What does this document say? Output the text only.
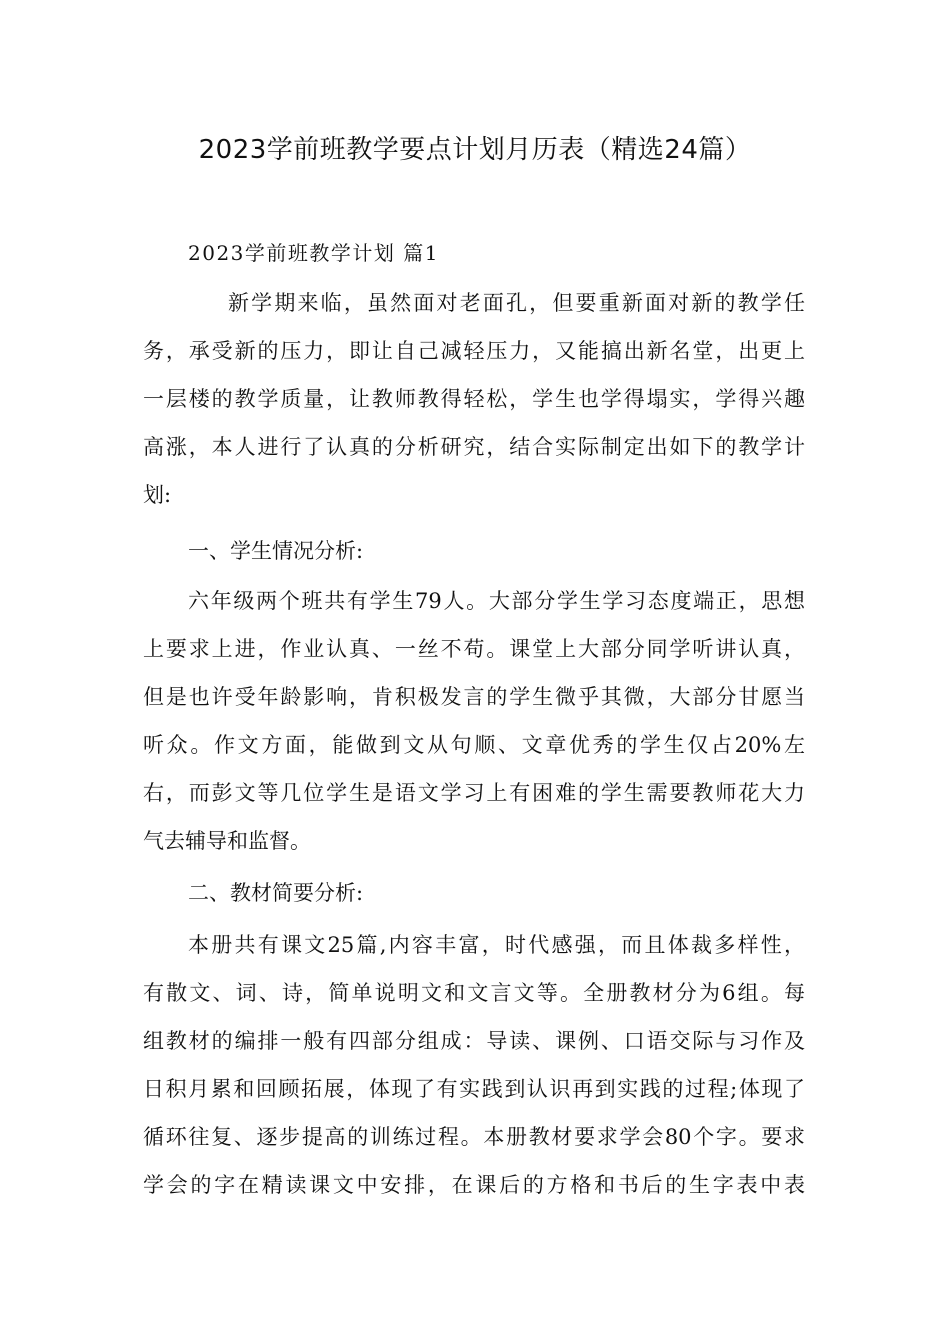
2023学前班教学要点计划月历表（精选24篇）
2023学前班教学计划 篇1
新学期来临，虽然面对老面孔，但要重新面对新的教学任
务，承受新的压力，即让自己减轻压力，又能搞出新名堂，出更上
一层楼的教学质量，让教师教得轻松，学生也学得塌实，学得兴趣
高涨，本人进行了认真的分析研究，结合实际制定出如下的教学计
划:
一、学生情况分析:
六年级两个班共有学生79人。大部分学生学习态度端正，思想
上要求上进，作业认真、一丝不苟。课堂上大部分同学听讲认真，
但是也许受年龄影响，肯积极发言的学生微乎其微，大部分甘愿当
听众。作文方面，能做到文从句顺、文章优秀的学生仅占20%左
右，而彭文等几位学生是语文学习上有困难的学生需要教师花大力
气去辅导和监督。
二、教材简要分析:
本册共有课文25篇,内容丰富，时代感强，而且体裁多样性，
有散文、词、诗，简单说明文和文言文等。全册教材分为6组。每
组教材的编排一般有四部分组成：导读、课例、口语交际与习作及
日积月累和回顾拓展，体现了有实践到认识再到实践的过程;体现了
循环往复、逐步提高的训练过程。本册教材要求学会80个字。要求
学会的字在精读课文中安排，在课后的方格和书后的生字表中表
